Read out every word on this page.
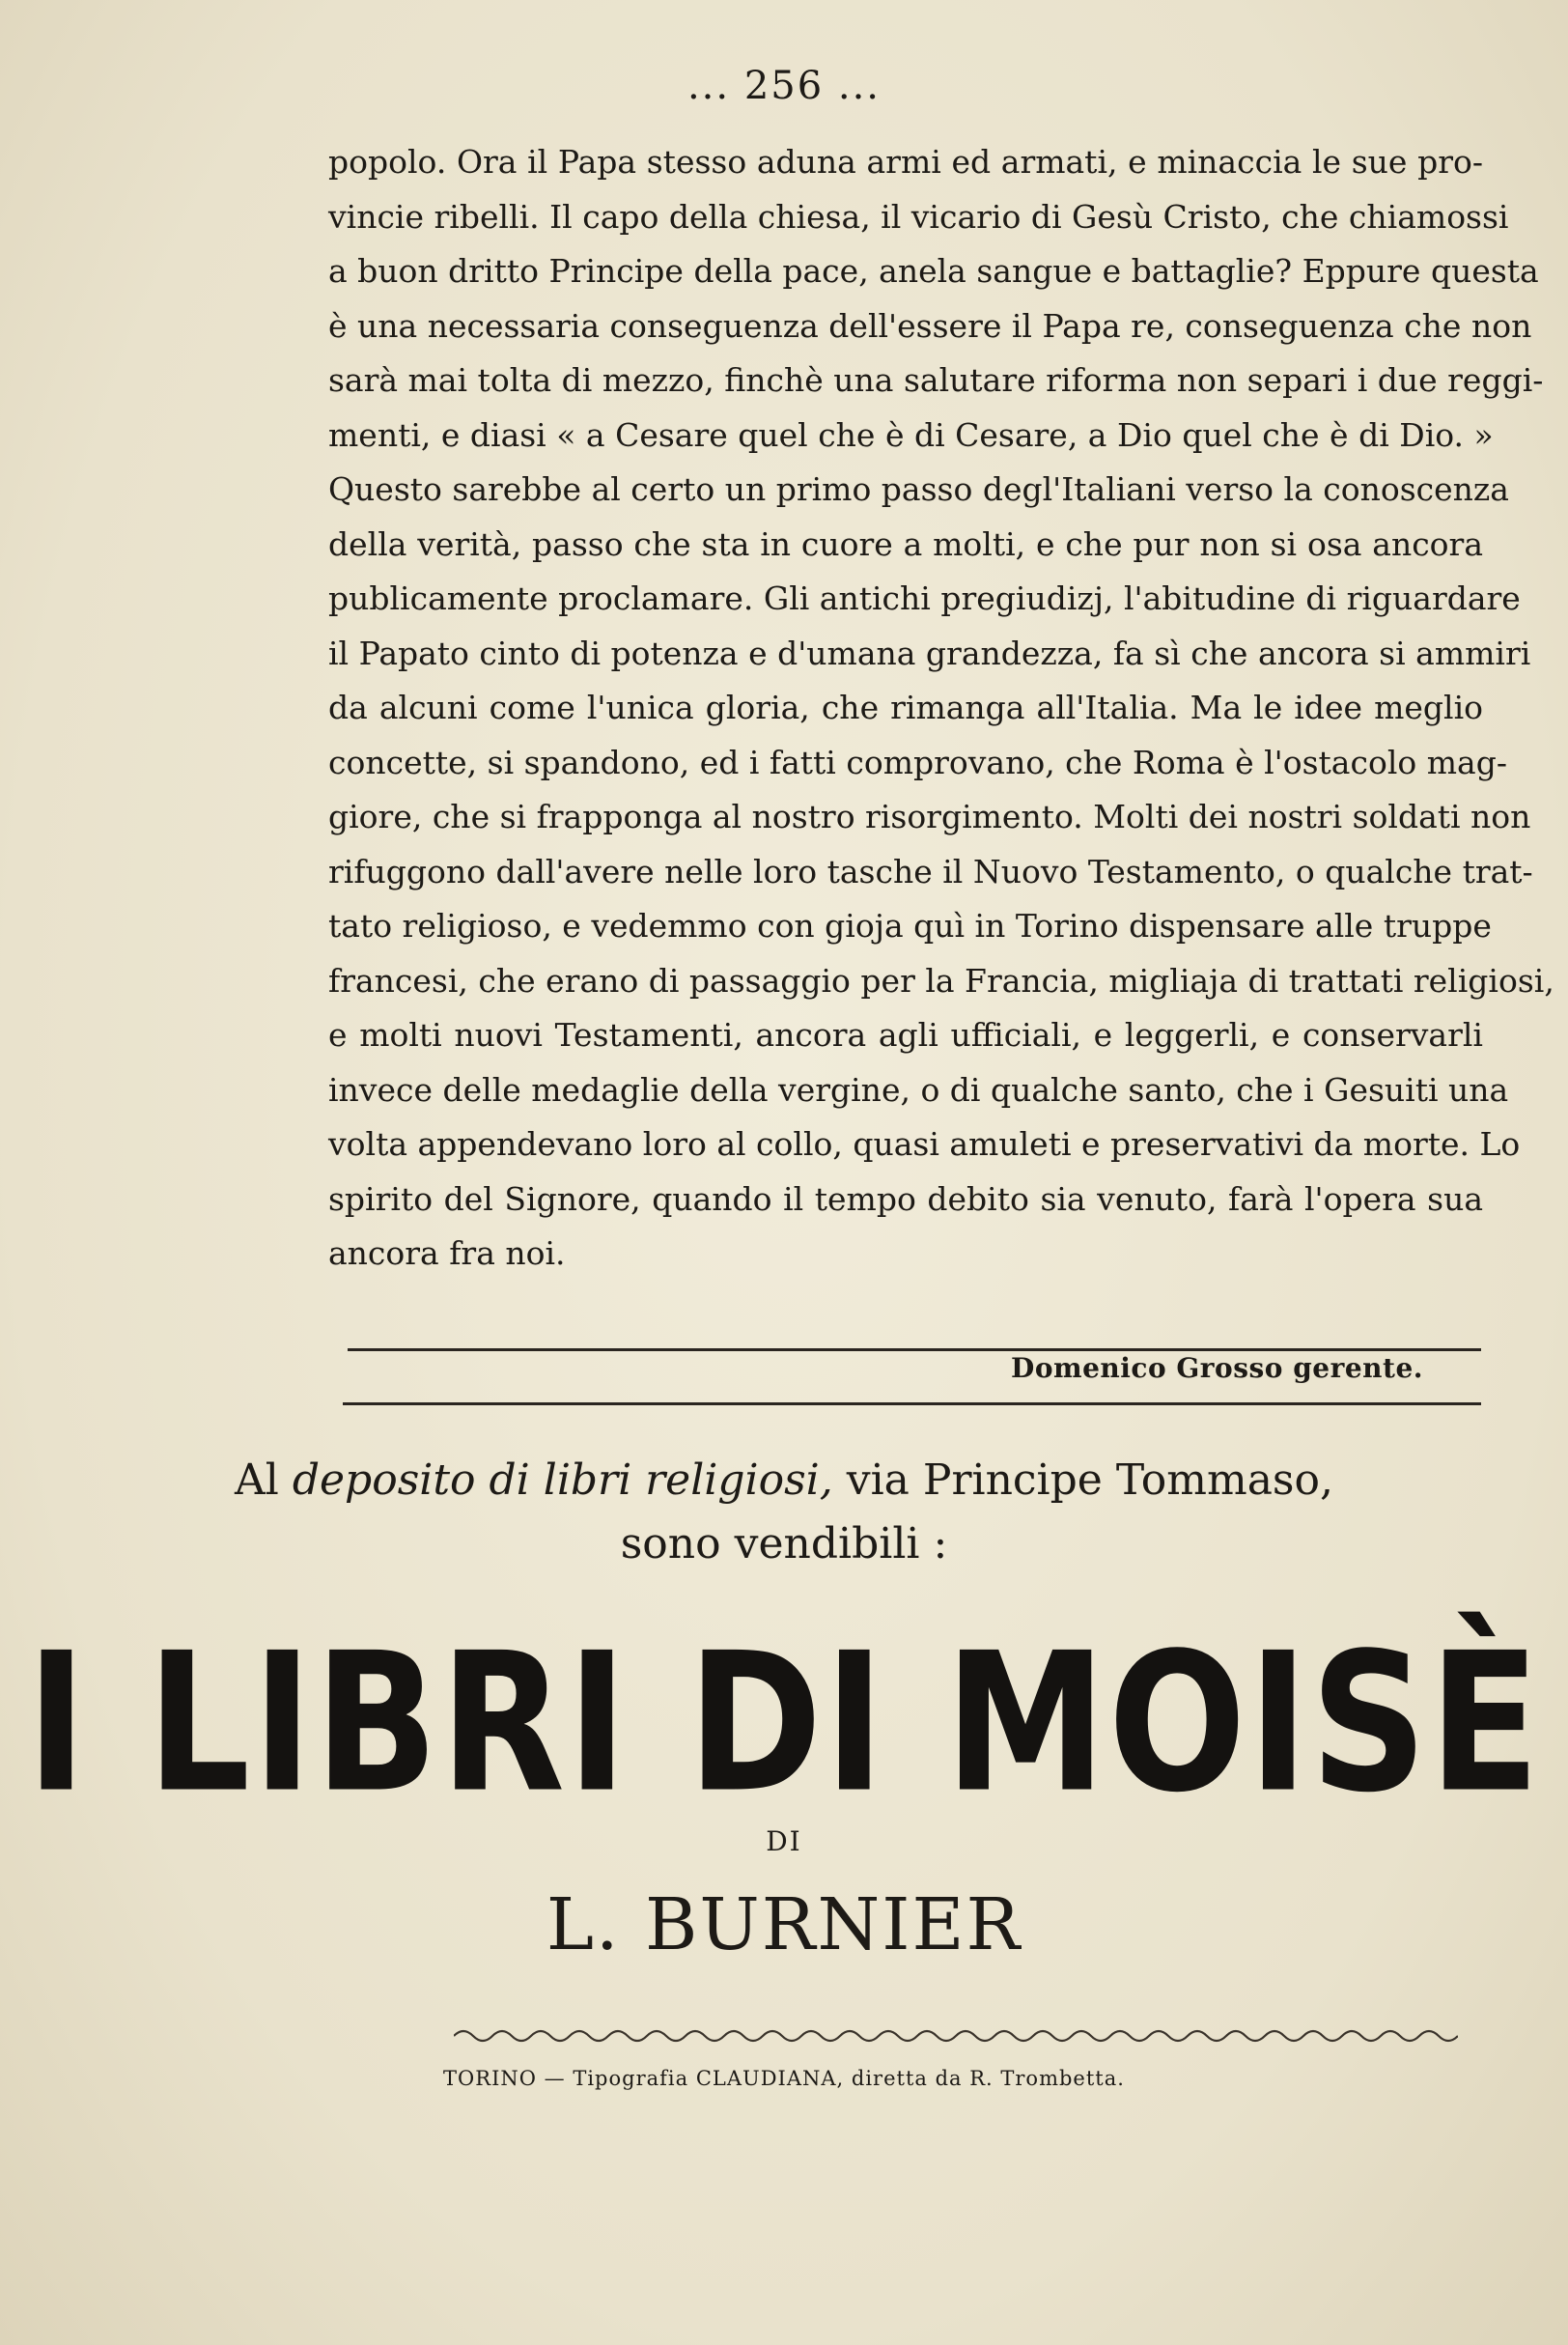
... 256 ...
popolo. Ora il Papa stesso aduna armi ed armati, e minaccia le sue pro-
vincie ribelli. Il capo della chiesa, il vicario di Gesù Cristo, che chiamossi
a buon dritto Principe della pace, anela sangue e battaglie? Eppure questa
è una necessaria conseguenza dell'essere il Papa re, conseguenza che non
sarà mai tolta di mezzo, finchè una salutare riforma non separi i due reggi-
menti, e diasi « a Cesare quel che è di Cesare, a Dio quel che è di Dio. »
Questo sarebbe al certo un primo passo degl'Italiani verso la conoscenza
della verità, passo che sta in cuore a molti, e che pur non si osa ancora
publicamente proclamare. Gli antichi pregiudizj, l'abitudine di riguardare
il Papato cinto di potenza e d'umana grandezza, fa sì che ancora si ammiri
da alcuni come l'unica gloria, che rimanga all'Italia. Ma le idee meglio
concette, si spandono, ed i fatti comprovano, che Roma è l'ostacolo mag-
giore, che si frapponga al nostro risorgimento. Molti dei nostri soldati non
rifuggono dall'avere nelle loro tasche il Nuovo Testamento, o qualche trat-
tato religioso, e vedemmo con gioja quì in Torino dispensare alle truppe
francesi, che erano di passaggio per la Francia, migliaja di trattati religiosi,
e molti nuovi Testamenti, ancora agli ufficiali, e leggerli, e conservarli
invece delle medaglie della vergine, o di qualche santo, che i Gesuiti una
volta appendevano loro al collo, quasi amuleti e preservativi da morte. Lo
spirito del Signore, quando il tempo debito sia venuto, farà l'opera sua
ancora fra noi.
Domenico Grosso gerente.
Al deposito di libri religiosi, via Principe Tommaso,
sono vendibili :
I LIBRI DI MOISÈ
DI
L. BURNIER
TORINO — Tipografia CLAUDIANA, diretta da R. Trombetta.
